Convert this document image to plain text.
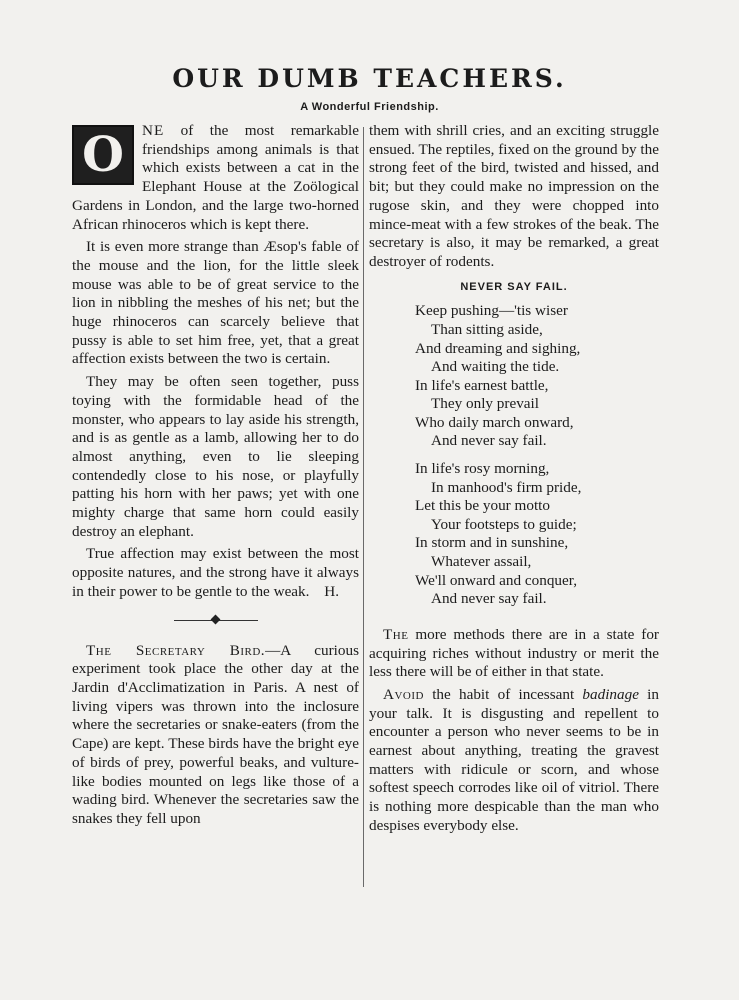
OUR DUMB TEACHERS.
A Wonderful Friendship.

O NE of the most remarkable friendships among animals is that which exists between a cat in the Elephant House at the Zoölogical Gardens in London, and the large two-horned African rhinoceros which is kept there.

It is even more strange than Æsop's fable of the mouse and the lion, for the little sleek mouse was able to be of great service to the lion in nibbling the meshes of his net; but the huge rhinoceros can scarcely believe that pussy is able to set him free, yet, that a great affection exists between the two is certain.

They may be often seen together, puss toying with the formidable head of the monster, who appears to lay aside his strength, and is as gentle as a lamb, allowing her to do almost anything, even to lie sleeping contendedly close to his nose, or playfully patting his horn with her paws; yet with one mighty charge that same horn could easily destroy an elephant.

True affection may exist between the most opposite natures, and the strong have it always in their power to be gentle to the weak. H.

The Secretary Bird.—A curious experiment took place the other day at the Jardin d'Acclimatization in Paris. A nest of living vipers was thrown into the inclosure where the secretaries or snake-eaters (from the Cape) are kept. These birds have the bright eye of birds of prey, powerful beaks, and vulture-like bodies mounted on legs like those of a wading bird. Whenever the secretaries saw the snakes they fell upon

them with shrill cries, and an exciting struggle ensued. The reptiles, fixed on the ground by the strong feet of the bird, twisted and hissed, and bit; but they could make no impression on the rugose skin, and they were chopped into mince-meat with a few strokes of the beak. The secretary is also, it may be remarked, a great destroyer of rodents.

NEVER SAY FAIL.
Keep pushing—'tis wiser
Than sitting aside,
And dreaming and sighing,
And waiting the tide.
In life's earnest battle,
They only prevail
Who daily march onward,
And never say fail.
In life's rosy morning,
In manhood's firm pride,
Let this be your motto
Your footsteps to guide;
In storm and in sunshine,
Whatever assail,
We'll onward and conquer,
And never say fail.

The more methods there are in a state for acquiring riches without industry or merit the less there will be of either in that state.

Avoid the habit of incessant badinage in your talk. It is disgusting and repellent to encounter a person who never seems to be in earnest about anything, treating the gravest matters with ridicule or scorn, and whose softest speech corrodes like oil of vitriol. There is nothing more despicable than the man who despises everybody else.
